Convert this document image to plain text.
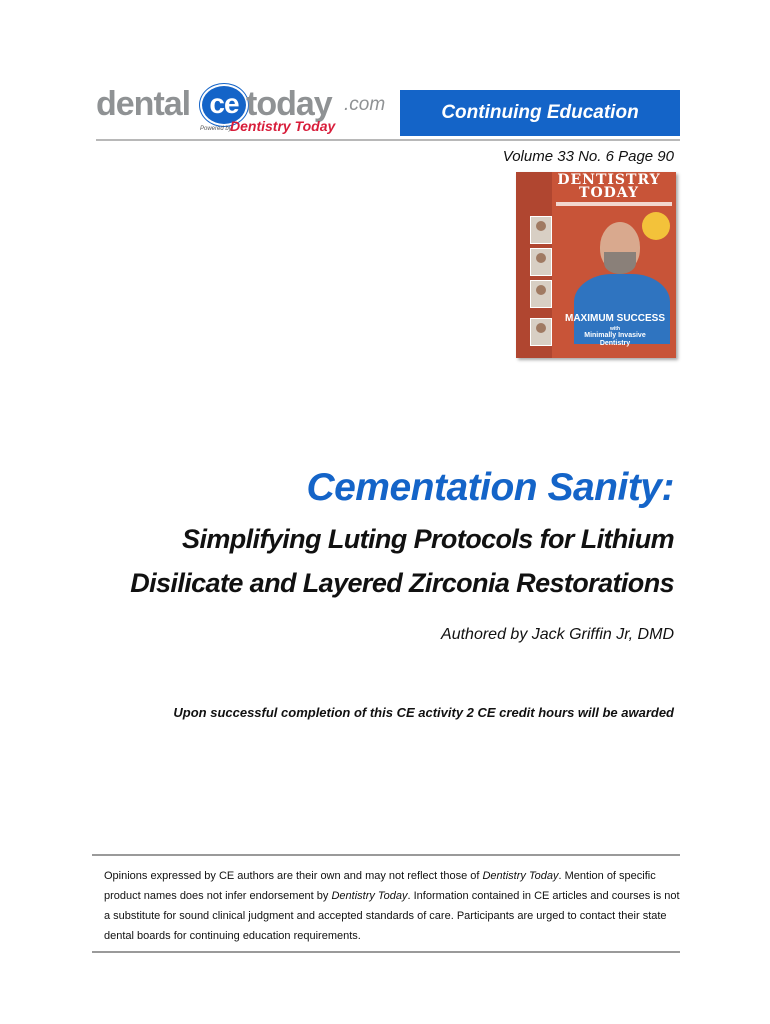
dental ce today .com
Powered by
Dentistry Today
Continuing Education
Volume 33 No. 6 Page 90
DENTISTRY
TODAY
MAXIMUM SUCCESS
with
Minimally Invasive
Dentistry
Cementation Sanity:
Simplifying Luting Protocols for Lithium
Disilicate and Layered Zirconia Restorations
Authored by Jack Griffin Jr, DMD
Upon successful completion of this CE activity 2 CE credit hours will be awarded
Opinions expressed by CE authors are their own and may not reflect those of Dentistry Today. Mention of specific product names does not infer endorsement by Dentistry Today. Information contained in CE articles and courses is not a substitute for sound clinical judgment and accepted standards of care. Participants are urged to contact their state dental boards for continuing education requirements.
